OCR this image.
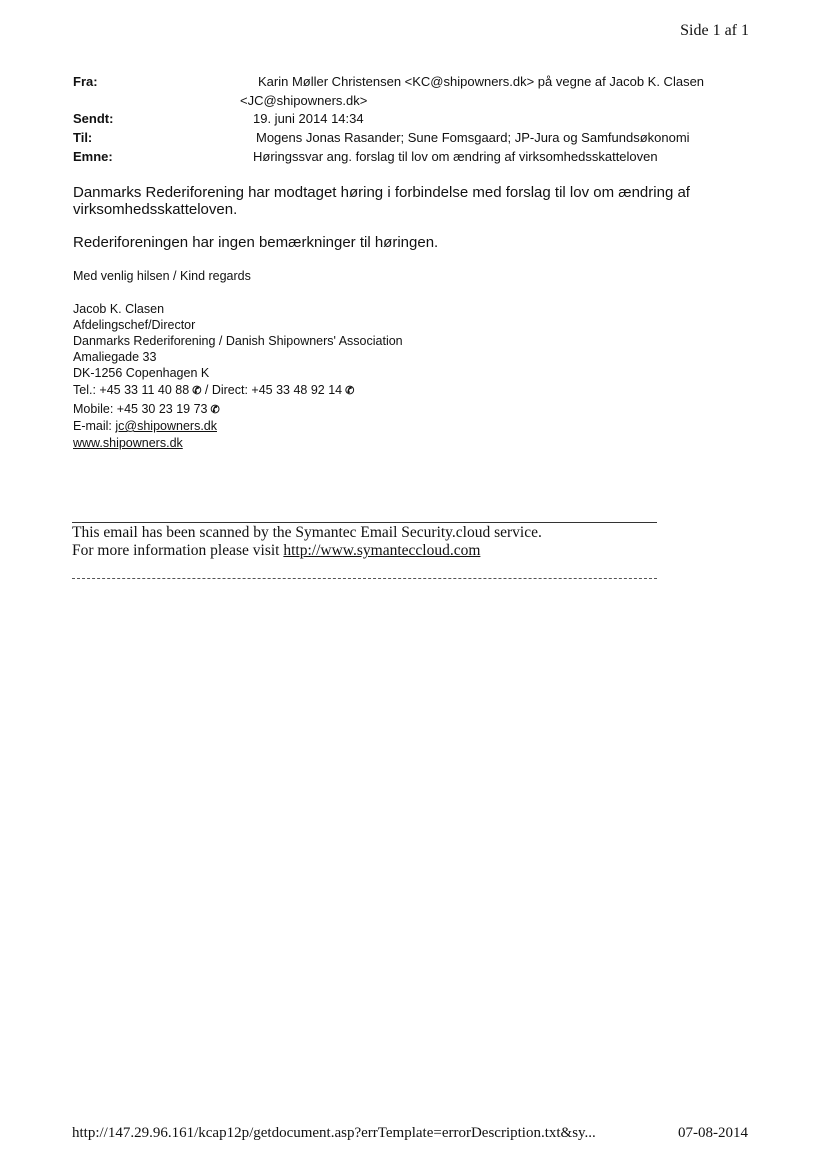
Side 1 af 1
Fra:	Karin Møller Christensen <KC@shipowners.dk> på vegne af Jacob K. Clasen
<JC@shipowners.dk>
Sendt:	19. juni 2014 14:34
Til:	Mogens Jonas Rasander; Sune Fomsgaard; JP-Jura og Samfundsøkonomi
Emne:	Høringssvar ang. forslag til lov om ændring af virksomhedsskatteloven
Danmarks Rederiforening har modtaget høring i forbindelse med forslag til lov om ændring af
virksomhedsskatteloven.
Rederiforeningen har ingen bemærkninger til høringen.
Med venlig hilsen / Kind regards
Jacob K. Clasen
Afdelingschef/Director
Danmarks Rederiforening / Danish Shipowners' Association
Amaliegade 33
DK-1256 Copenhagen K
Tel.: +45 33 11 40 88 ✆ / Direct: +45 33 48 92 14 ✆
Mobile: +45 30 23 19 73 ✆
E-mail: jc@shipowners.dk
www.shipowners.dk
This email has been scanned by the Symantec Email Security.cloud service.
For more information please visit http://www.symanteccloud.com
http://147.29.96.161/kcap12p/getdocument.asp?errTemplate=errorDescription.txt&sy...	07-08-2014
